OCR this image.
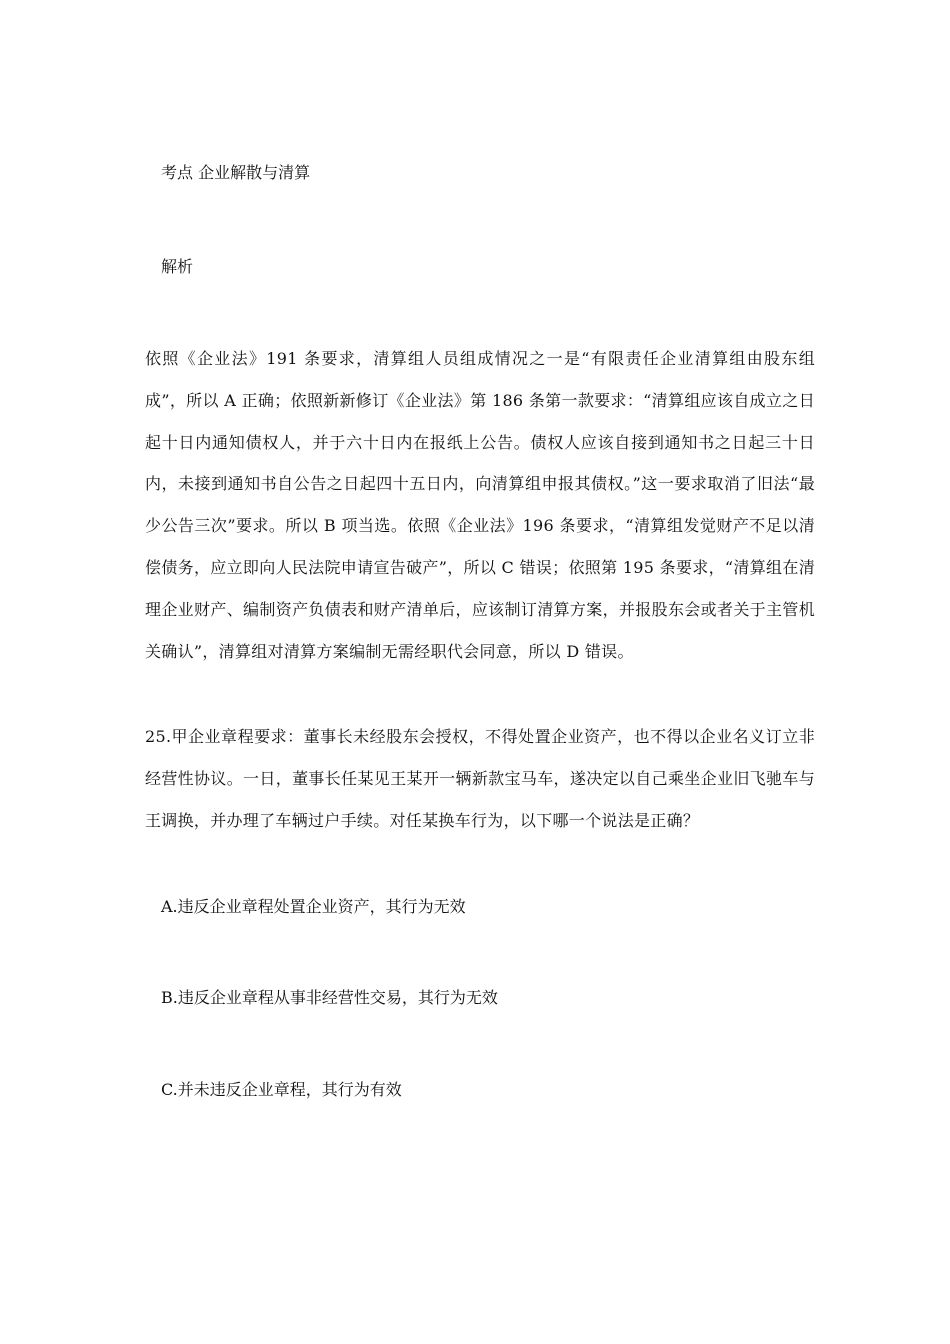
考点 企业解散与清算
解析
依照《企业法》191 条要求，清算组人员组成情况之一是“有限责任企业清算组由股东组成”，所以 A 正确；依照新新修订《企业法》第 186 条第一款要求：“清算组应该自成立之日起十日内通知债权人，并于六十日内在报纸上公告。债权人应该自接到通知书之日起三十日内，未接到通知书自公告之日起四十五日内，向清算组申报其债权。”这一要求取消了旧法“最少公告三次”要求。所以 B 项当选。依照《企业法》196 条要求，“清算组发觉财产不足以清偿债务，应立即向人民法院申请宣告破产”，所以 C 错误；依照第 195 条要求，“清算组在清理企业财产、编制资产负债表和财产清单后，应该制订清算方案，并报股东会或者关于主管机关确认”，清算组对清算方案编制无需经职代会同意，所以 D 错误。
25.甲企业章程要求：董事长未经股东会授权，不得处置企业资产，也不得以企业名义订立非经营性协议。一日，董事长任某见王某开一辆新款宝马车，遂决定以自己乘坐企业旧飞驰车与王调换，并办理了车辆过户手续。对任某换车行为，以下哪一个说法是正确？
A.违反企业章程处置企业资产，其行为无效
B.违反企业章程从事非经营性交易，其行为无效
C.并未违反企业章程，其行为有效
